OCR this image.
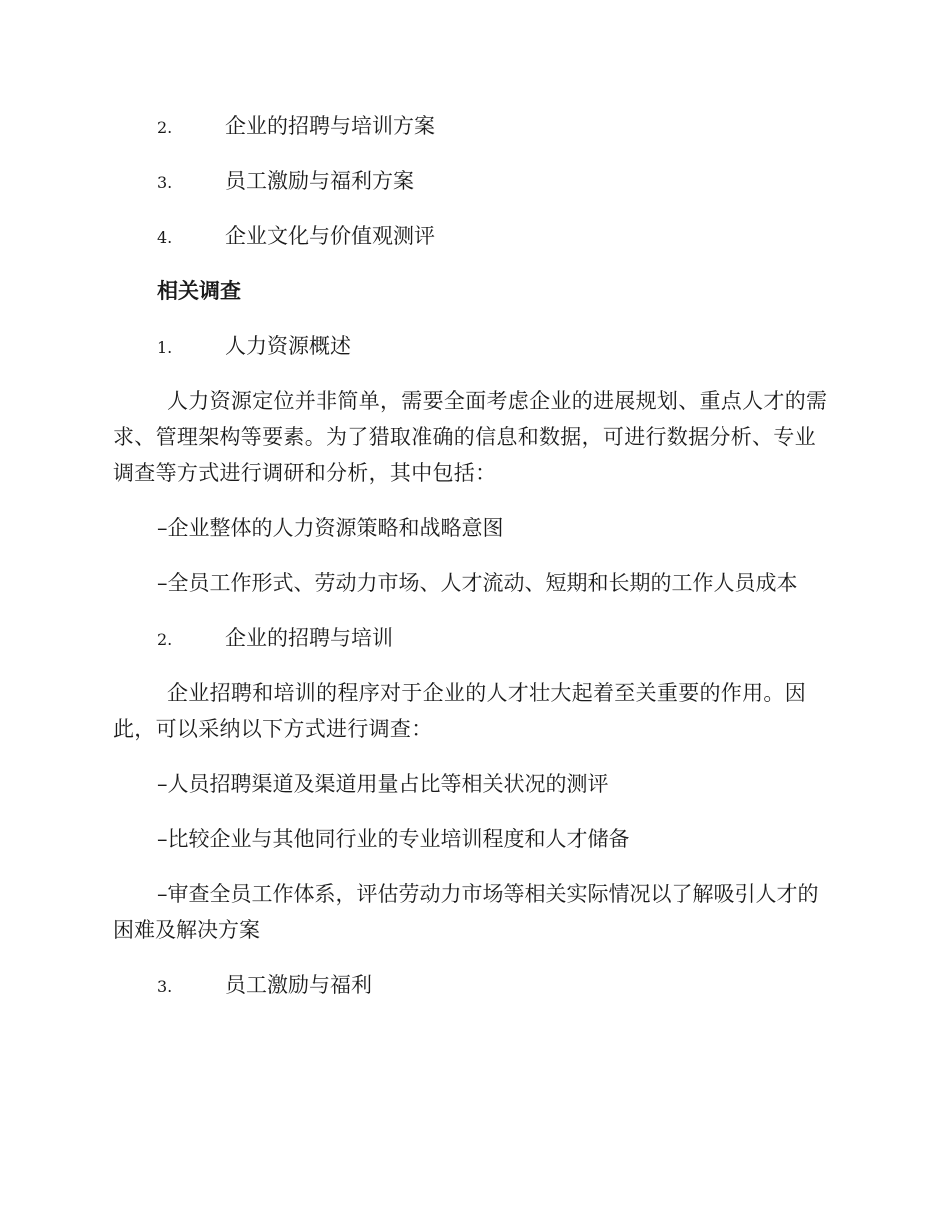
2.	企业的招聘与培训方案
3.	员工激励与福利方案
4.	企业文化与价值观测评
相关调查
1.	人力资源概述

人力资源定位并非简单，需要全面考虑企业的进展规划、重点人才的需求、管理架构等要素。为了猎取准确的信息和数据，可进行数据分析、专业调查等方式进行调研和分析，其中包括：

–企业整体的人力资源策略和战略意图

–全员工作形式、劳动力市场、人才流动、短期和长期的工作人员成本

2.	企业的招聘与培训

企业招聘和培训的程序对于企业的人才壮大起着至关重要的作用。因此，可以采纳以下方式进行调查：

–人员招聘渠道及渠道用量占比等相关状况的测评

–比较企业与其他同行业的专业培训程度和人才储备

–审查全员工作体系，评估劳动力市场等相关实际情况以了解吸引人才的困难及解决方案

3.	员工激励与福利
